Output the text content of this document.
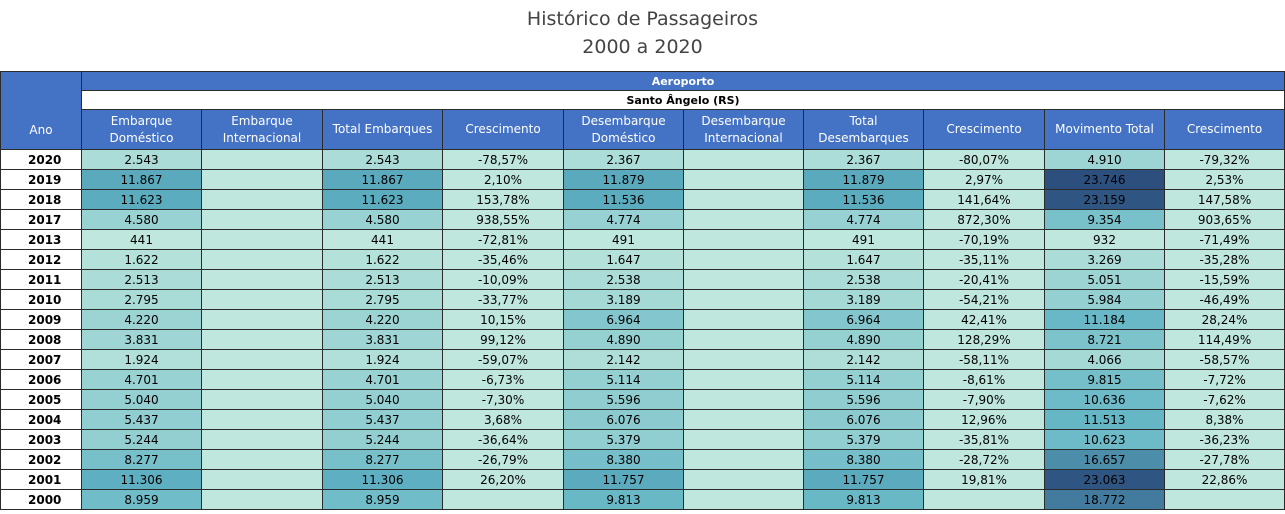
Histórico de Passageiros
2000 a 2020
Ano	Aeroporto									
	Santo Ângelo (RS)									
	Embarque Doméstico	Embarque Internacional	Total Embarques	Crescimento	Desembarque Doméstico	Desembarque Internacional	Total Desembarques	Crescimento	Movimento Total	Crescimento
2020	2.543		2.543	-78,57%	2.367		2.367	-80,07%	4.910	-79,32%
2019	11.867		11.867	2,10%	11.879		11.879	2,97%	23.746	2,53%
2018	11.623		11.623	153,78%	11.536		11.536	141,64%	23.159	147,58%
2017	4.580		4.580	938,55%	4.774		4.774	872,30%	9.354	903,65%
2013	441		441	-72,81%	491		491	-70,19%	932	-71,49%
2012	1.622		1.622	-35,46%	1.647		1.647	-35,11%	3.269	-35,28%
2011	2.513		2.513	-10,09%	2.538		2.538	-20,41%	5.051	-15,59%
2010	2.795		2.795	-33,77%	3.189		3.189	-54,21%	5.984	-46,49%
2009	4.220		4.220	10,15%	6.964		6.964	42,41%	11.184	28,24%
2008	3.831		3.831	99,12%	4.890		4.890	128,29%	8.721	114,49%
2007	1.924		1.924	-59,07%	2.142		2.142	-58,11%	4.066	-58,57%
2006	4.701		4.701	-6,73%	5.114		5.114	-8,61%	9.815	-7,72%
2005	5.040		5.040	-7,30%	5.596		5.596	-7,90%	10.636	-7,62%
2004	5.437		5.437	3,68%	6.076		6.076	12,96%	11.513	8,38%
2003	5.244		5.244	-36,64%	5.379		5.379	-35,81%	10.623	-36,23%
2002	8.277		8.277	-26,79%	8.380		8.380	-28,72%	16.657	-27,78%
2001	11.306		11.306	26,20%	11.757		11.757	19,81%	23.063	22,86%
2000	8.959		8.959		9.813		9.813		18.772	
